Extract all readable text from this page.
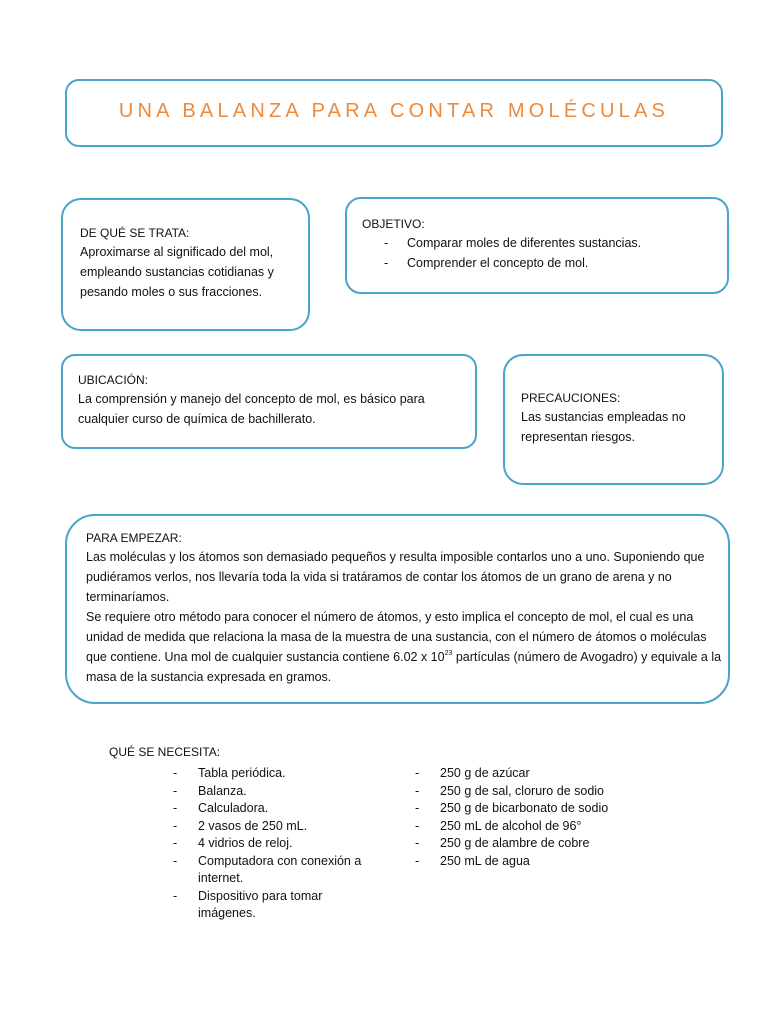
UNA BALANZA PARA CONTAR MOLÉCULAS
DE QUÉ SE TRATA:
Aproximarse al significado del mol, empleando sustancias cotidianas y pesando moles o sus fracciones.
OBJETIVO:
- Comparar moles de diferentes sustancias.
- Comprender el concepto de mol.
UBICACIÓN:
La comprensión y manejo del concepto de mol, es básico para cualquier curso de química de bachillerato.
PRECAUCIONES:
Las sustancias empleadas no representan riesgos.
PARA EMPEZAR:
Las moléculas y los átomos son demasiado pequeños y resulta imposible contarlos uno a uno. Suponiendo que pudiéramos verlos, nos llevaría toda la vida si tratáramos de contar los átomos de un grano de arena y no terminaríamos.
Se requiere otro método para conocer el número de átomos, y esto implica el concepto de mol, el cual es una unidad de medida que relaciona la masa de la muestra de una sustancia, con el número de átomos o moléculas que contiene. Una mol de cualquier sustancia contiene 6.02 x $10^{23}$ partículas (número de Avogadro) y equivale a la masa de la sustancia expresada en gramos.
QUÉ SE NECESITA:
- Tabla periódica.
- Balanza.
- Calculadora.
- 2 vasos de 250 mL.
- 4 vidrios de reloj.
- Computadora con conexión a internet.
- Dispositivo para tomar imágenes.
- 250 g de azúcar
- 250 g de sal, cloruro de sodio
- 250 g de bicarbonato de sodio
- 250 mL de alcohol de 96°
- 250 g de alambre de cobre
- 250 mL de agua
